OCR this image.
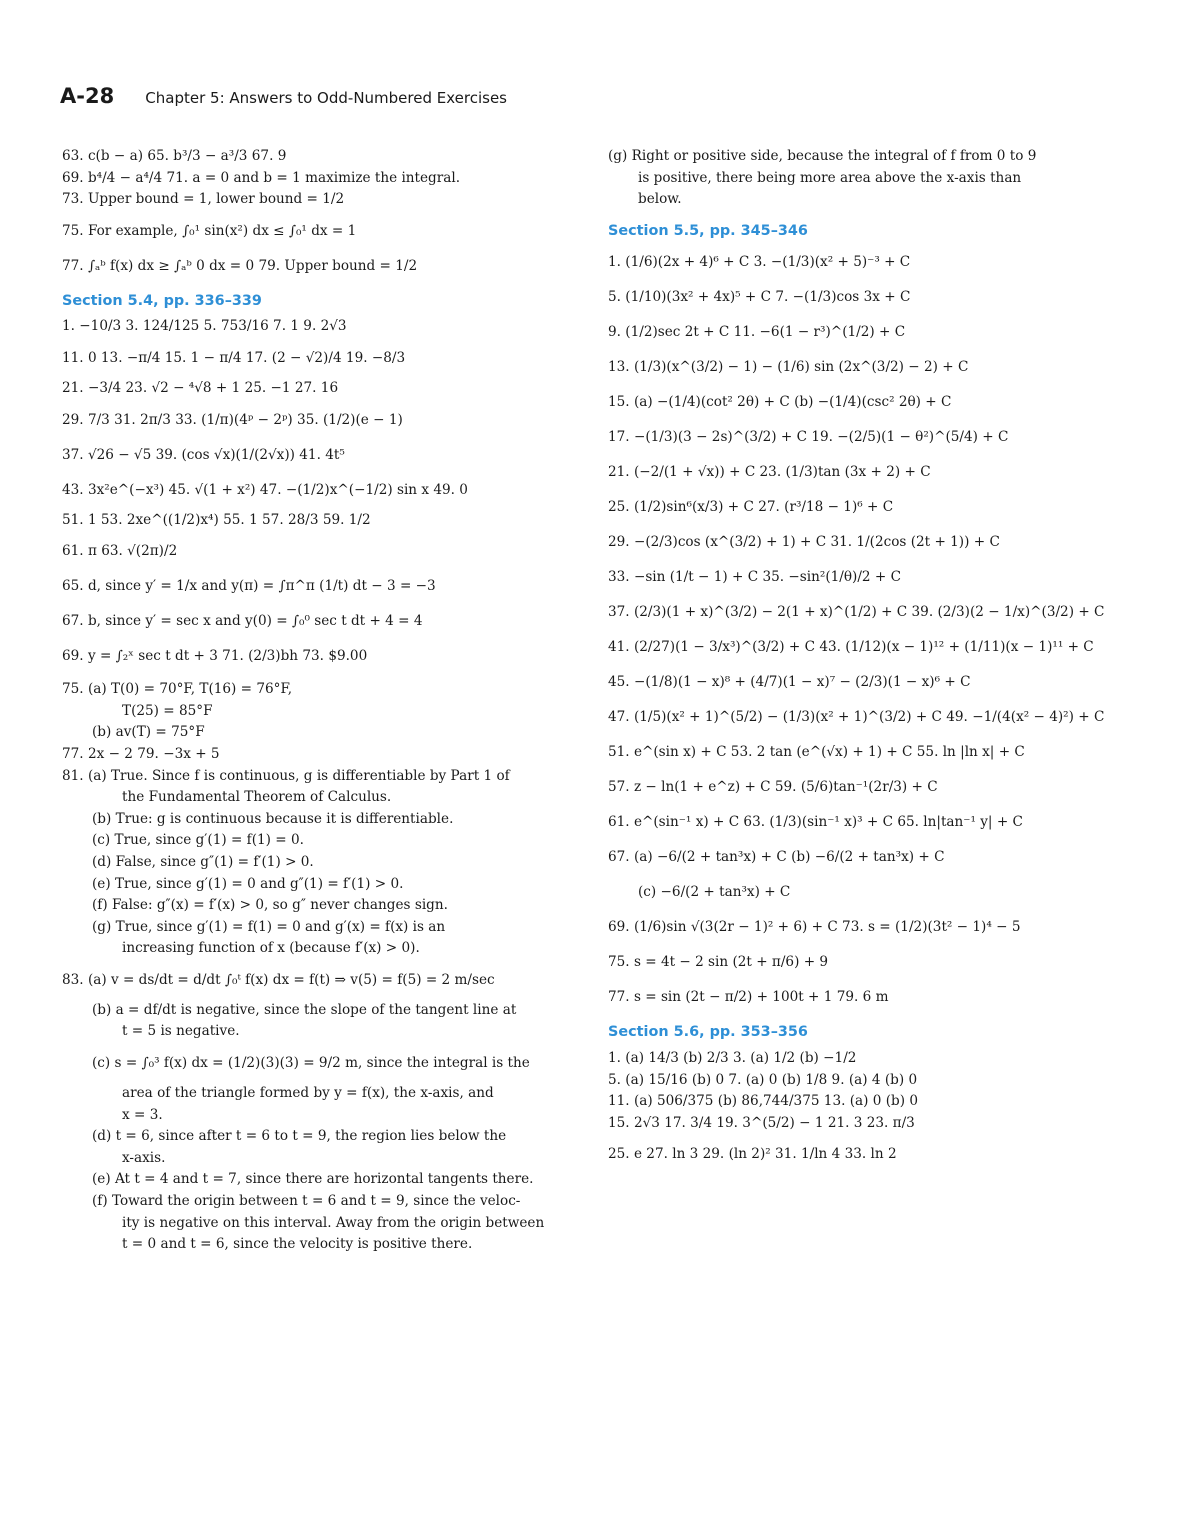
A-28 Chapter 5: Answers to Odd-Numbered Exercises
63. c(b − a) 65. b³/3 − a³/3 67. 9
69. b⁴/4 − a⁴/4 71. a = 0 and b = 1 maximize the integral.
73. Upper bound = 1, lower bound = 1/2
75. For example, ∫₀¹ sin(x²) dx ≤ ∫₀¹ dx = 1
77. ∫ₐᵇ f(x) dx ≥ ∫ₐᵇ 0 dx = 0 79. Upper bound = 1/2
Section 5.4, pp. 336–339
1. −10/3 3. 124/125 5. 753/16 7. 1 9. 2√3
11. 0 13. −π/4 15. 1 − π/4 17. (2 − √2)/4 19. −8/3
21. −3/4 23. √2 − ⁴√8 + 1 25. −1 27. 16
29. 7/3 31. 2π/3 33. (1/π)(4ᵖ − 2ᵖ) 35. (1/2)(e − 1)
37. √26 − √5 39. (cos √x)(1/(2√x)) 41. 4t⁵
43. 3x²e^(−x³) 45. √(1 + x²) 47. −(1/2)x^(−1/2) sin x 49. 0
51. 1 53. 2xe^((1/2)x⁴) 55. 1 57. 28/3 59. 1/2
61. π 63. √(2π)/2
65. d, since y′ = 1/x and y(π) = ∫π^π (1/t) dt − 3 = −3
67. b, since y′ = sec x and y(0) = ∫₀⁰ sec t dt + 4 = 4
69. y = ∫₂ˣ sec t dt + 3 71. (2/3)bh 73. $9.00
75. (a) T(0) = 70°F, T(16) = 76°F,
T(25) = 85°F
(b) av(T) = 75°F
77. 2x − 2 79. −3x + 5
81. (a) True. Since f is continuous, g is differentiable by Part 1 of
the Fundamental Theorem of Calculus.
(b) True: g is continuous because it is differentiable.
(c) True, since g′(1) = f(1) = 0.
(d) False, since g″(1) = f′(1) > 0.
(e) True, since g′(1) = 0 and g″(1) = f′(1) > 0.
(f) False: g″(x) = f′(x) > 0, so g″ never changes sign.
(g) True, since g′(1) = f(1) = 0 and g′(x) = f(x) is an
increasing function of x (because f′(x) > 0).
83. (a) v = ds/dt = d/dt ∫₀ᵗ f(x) dx = f(t) ⇒ v(5) = f(5) = 2 m/sec
(b) a = df/dt is negative, since the slope of the tangent line at
t = 5 is negative.
(c) s = ∫₀³ f(x) dx = (1/2)(3)(3) = 9/2 m, since the integral is the
area of the triangle formed by y = f(x), the x-axis, and
x = 3.
(d) t = 6, since after t = 6 to t = 9, the region lies below the
x-axis.
(e) At t = 4 and t = 7, since there are horizontal tangents there.
(f) Toward the origin between t = 6 and t = 9, since the veloc-
ity is negative on this interval. Away from the origin between
t = 0 and t = 6, since the velocity is positive there.
(g) Right or positive side, because the integral of f from 0 to 9
is positive, there being more area above the x-axis than
below.
Section 5.5, pp. 345–346
1. (1/6)(2x + 4)⁶ + C 3. −(1/3)(x² + 5)⁻³ + C
5. (1/10)(3x² + 4x)⁵ + C 7. −(1/3)cos 3x + C
9. (1/2)sec 2t + C 11. −6(1 − r³)^(1/2) + C
13. (1/3)(x^(3/2) − 1) − (1/6) sin (2x^(3/2) − 2) + C
15. (a) −(1/4)(cot² 2θ) + C (b) −(1/4)(csc² 2θ) + C
17. −(1/3)(3 − 2s)^(3/2) + C 19. −(2/5)(1 − θ²)^(5/4) + C
21. (−2/(1 + √x)) + C 23. (1/3)tan (3x + 2) + C
25. (1/2)sin⁶(x/3) + C 27. (r³/18 − 1)⁶ + C
29. −(2/3)cos (x^(3/2) + 1) + C 31. 1/(2cos (2t + 1)) + C
33. −sin (1/t − 1) + C 35. −sin²(1/θ)/2 + C
37. (2/3)(1 + x)^(3/2) − 2(1 + x)^(1/2) + C 39. (2/3)(2 − 1/x)^(3/2) + C
41. (2/27)(1 − 3/x³)^(3/2) + C 43. (1/12)(x − 1)¹² + (1/11)(x − 1)¹¹ + C
45. −(1/8)(1 − x)⁸ + (4/7)(1 − x)⁷ − (2/3)(1 − x)⁶ + C
47. (1/5)(x² + 1)^(5/2) − (1/3)(x² + 1)^(3/2) + C 49. −1/(4(x² − 4)²) + C
51. e^(sin x) + C 53. 2 tan (e^(√x) + 1) + C 55. ln |ln x| + C
57. z − ln(1 + e^z) + C 59. (5/6)tan⁻¹(2r/3) + C
61. e^(sin⁻¹ x) + C 63. (1/3)(sin⁻¹ x)³ + C 65. ln|tan⁻¹ y| + C
67. (a) −6/(2 + tan³x) + C (b) −6/(2 + tan³x) + C
(c) −6/(2 + tan³x) + C
69. (1/6)sin √(3(2r − 1)² + 6) + C 73. s = (1/2)(3t² − 1)⁴ − 5
75. s = 4t − 2 sin (2t + π/6) + 9
77. s = sin (2t − π/2) + 100t + 1 79. 6 m
Section 5.6, pp. 353–356
1. (a) 14/3 (b) 2/3 3. (a) 1/2 (b) −1/2
5. (a) 15/16 (b) 0 7. (a) 0 (b) 1/8 9. (a) 4 (b) 0
11. (a) 506/375 (b) 86,744/375 13. (a) 0 (b) 0
15. 2√3 17. 3/4 19. 3^(5/2) − 1 21. 3 23. π/3
25. e 27. ln 3 29. (ln 2)² 31. 1/ln 4 33. ln 2
